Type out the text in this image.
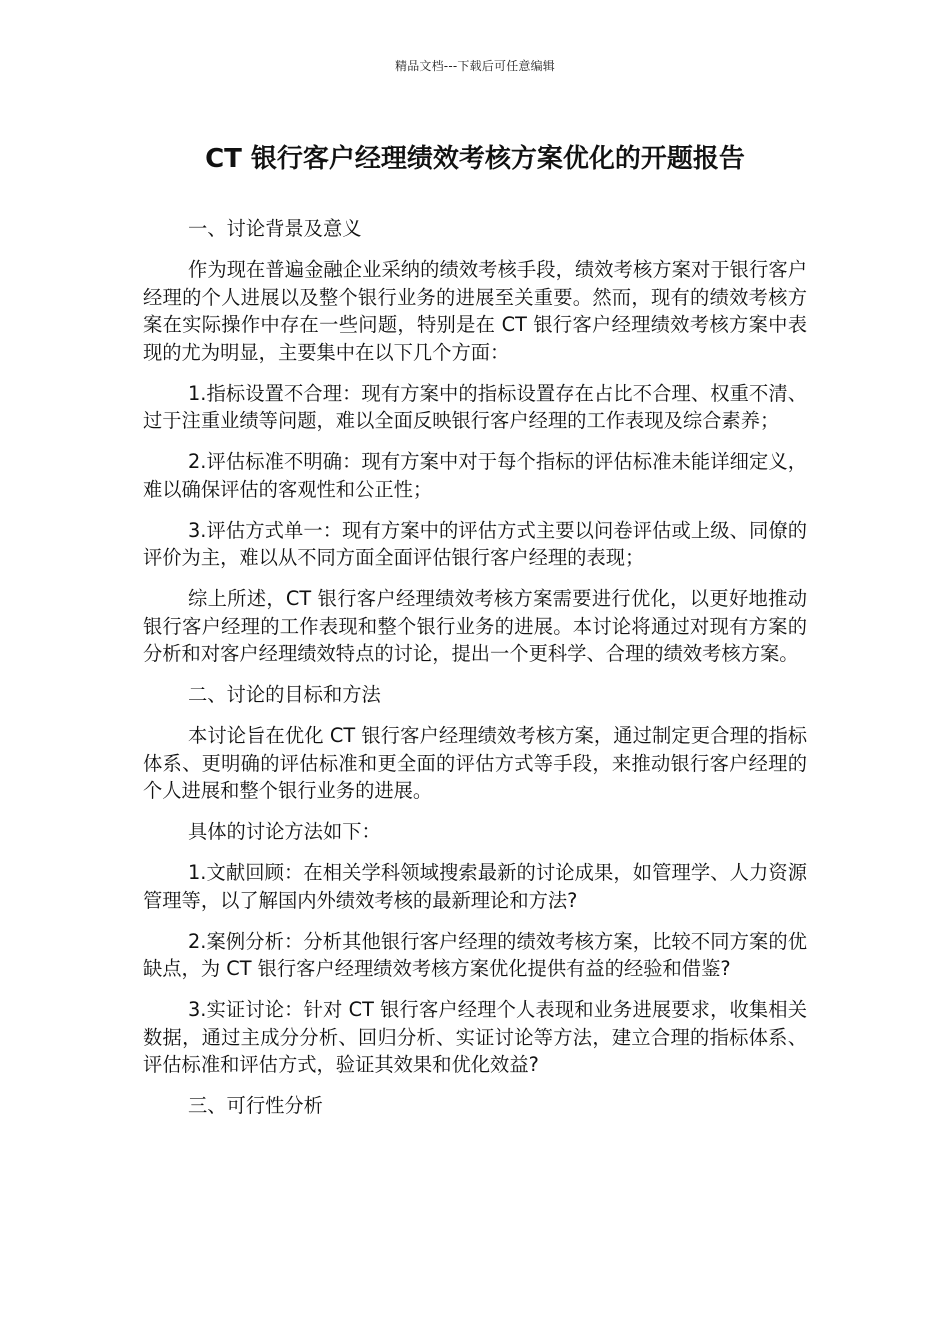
精品文档---下载后可任意编辑
CT 银行客户经理绩效考核方案优化的开题报告

一、讨论背景及意义

作为现在普遍金融企业采纳的绩效考核手段，绩效考核方案对于银行客户经理的个人进展以及整个银行业务的进展至关重要。然而，现有的绩效考核方案在实际操作中存在一些问题，特别是在 CT 银行客户经理绩效考核方案中表现的尤为明显，主要集中在以下几个方面：

1.指标设置不合理：现有方案中的指标设置存在占比不合理、权重不清、过于注重业绩等问题，难以全面反映银行客户经理的工作表现及综合素养；

2.评估标准不明确：现有方案中对于每个指标的评估标准未能详细定义，难以确保评估的客观性和公正性；

3.评估方式单一：现有方案中的评估方式主要以问卷评估或上级、同僚的评价为主，难以从不同方面全面评估银行客户经理的表现；

综上所述，CT 银行客户经理绩效考核方案需要进行优化，以更好地推动银行客户经理的工作表现和整个银行业务的进展。本讨论将通过对现有方案的分析和对客户经理绩效特点的讨论，提出一个更科学、合理的绩效考核方案。

二、讨论的目标和方法

本讨论旨在优化 CT 银行客户经理绩效考核方案，通过制定更合理的指标体系、更明确的评估标准和更全面的评估方式等手段，来推动银行客户经理的个人进展和整个银行业务的进展。

具体的讨论方法如下：

1.文献回顾：在相关学科领域搜索最新的讨论成果，如管理学、人力资源管理等，以了解国内外绩效考核的最新理论和方法?

2.案例分析：分析其他银行客户经理的绩效考核方案，比较不同方案的优缺点，为 CT 银行客户经理绩效考核方案优化提供有益的经验和借鉴?

3.实证讨论：针对 CT 银行客户经理个人表现和业务进展要求，收集相关数据，通过主成分分析、回归分析、实证讨论等方法，建立合理的指标体系、评估标准和评估方式，验证其效果和优化效益?

三、可行性分析
